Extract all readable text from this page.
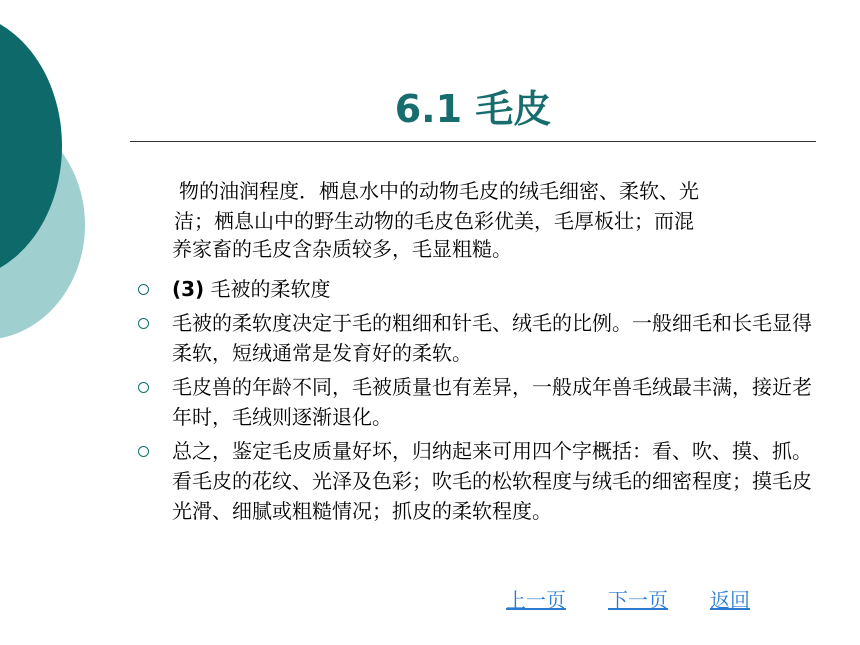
6.1 毛皮
物的油润程度．栖息水中的动物毛皮的绒毛细密、柔软、光
洁；栖息山中的野生动物的毛皮色彩优美，毛厚板壮；而混
养家畜的毛皮含杂质较多，毛显粗糙。
(3) 毛被的柔软度
毛被的柔软度决定于毛的粗细和针毛、绒毛的比例。一般细毛和长毛显得柔软，短绒通常是发育好的柔软。
毛皮兽的年龄不同，毛被质量也有差异，一般成年兽毛绒最丰满，接近老年时，毛绒则逐渐退化。
总之，鉴定毛皮质量好坏，归纳起来可用四个字概括：看、吹、摸、抓。看毛皮的花纹、光泽及色彩；吹毛的松软程度与绒毛的细密程度；摸毛皮光滑、细腻或粗糙情况；抓皮的柔软程度。
上一页 下一页 返回
